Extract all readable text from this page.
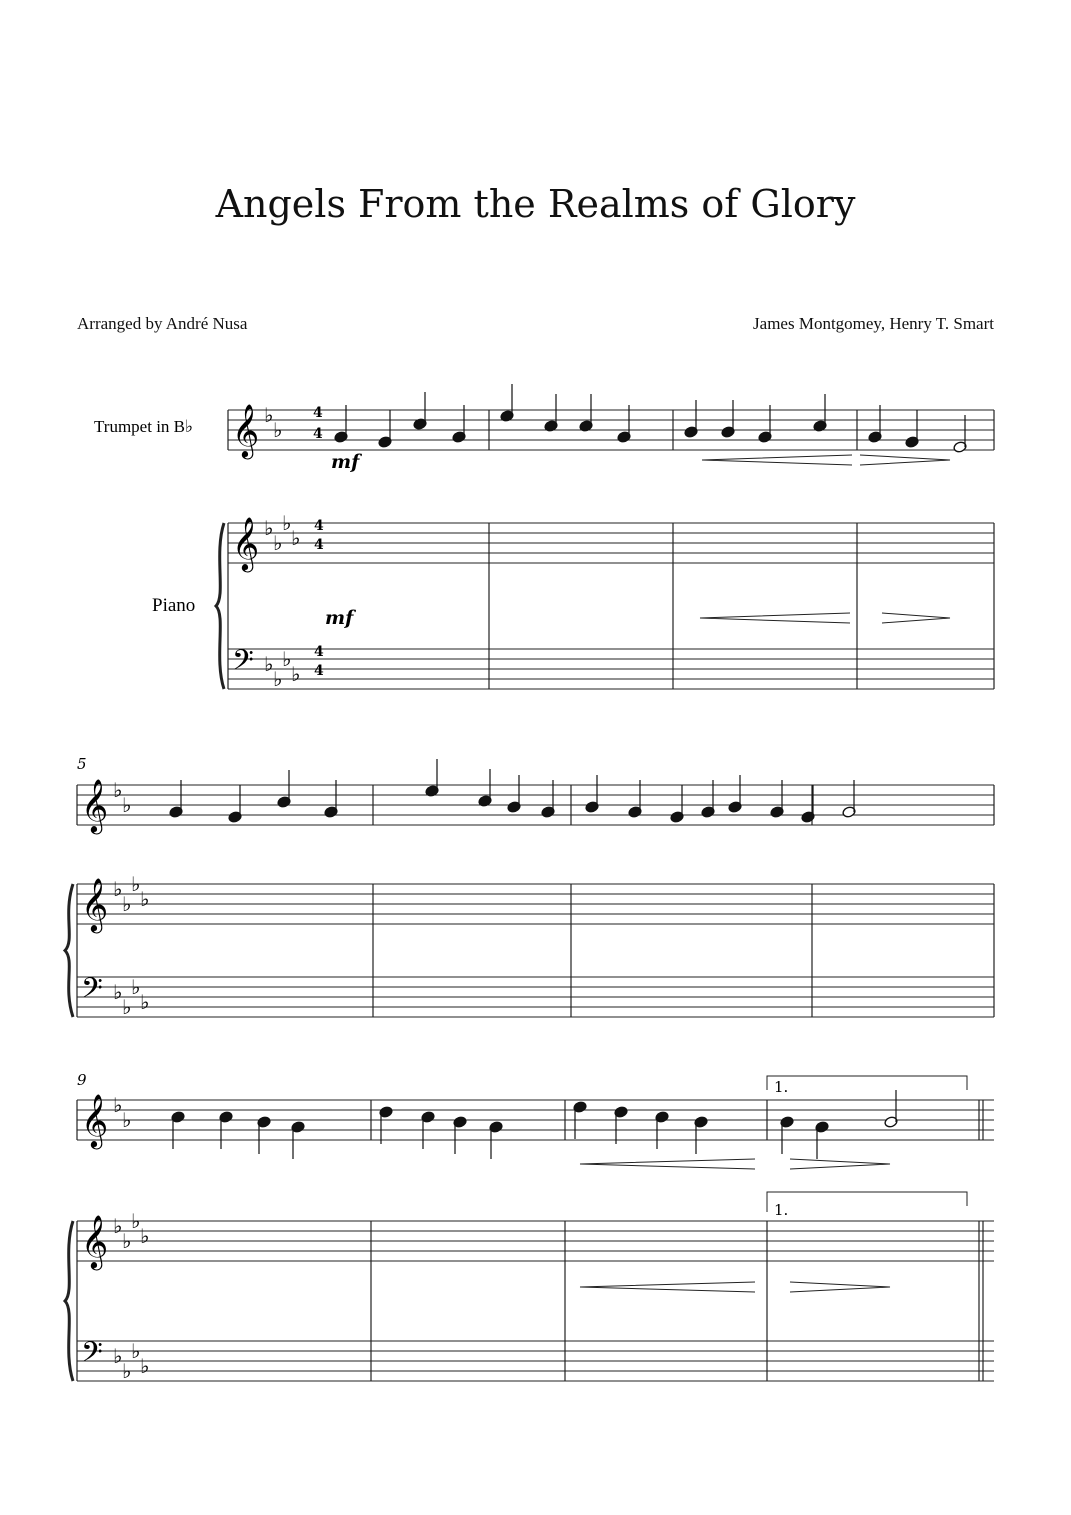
Angels From the Realms of Glory
Arranged by André Nusa	James Montgomey, Henry T. Smart
𝄞
𝄞
𝄢
♭
♭
♭
♭
♭
♭
♭
♭
♭
♭
𝄞
𝄞
𝄢
♭
♭
♭
♭
♭
♭
♭
♭
♭
♭
𝄞
𝄞
𝄢
♭
♭
♭
♭
♭
♭
♭
♭
♭
♭
Trumpet in B♭
Piano
4
4
4
4
4
4
mf
mf
5
9	1.
1.
